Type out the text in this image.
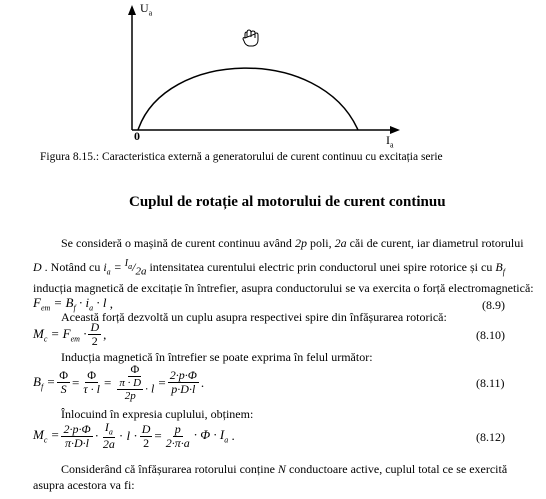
$U_a$
$I_a$
0
Figura 8.15.: Caracteristica externă a generatorului de curent continuu cu excitația serie
Cuplul de rotație al motorului de curent continuu
Se consideră o mașină de curent continuu având 2p poli, 2a căi de curent, iar diametrul rotorului
D . Notând cu $i_a = ^{I_a}/_{2a}$ intensitatea curentului electric prin conductorul unei spire rotorice și cu $B_f$
inducția magnetică de excitație în întrefier, asupra conductorului se va exercita o forță electromagnetică:
$F_{em} = B_f \cdot i_a \cdot l$ ,	(8.9)
Această forță dezvoltă un cuplu asupra respectivei spire din înfășurarea rotorică:
$M_c = F_{em} \cdot \frac{D}{2}$ ,	(8.10)
Inducția magnetică în întrefier se poate exprima în felul următor:
$B_f = \frac{\Phi}{S} = \frac{\Phi}{\tau \cdot l} = \frac{\Phi}{\frac{\pi \cdot D}{2p} \cdot l} = \frac{2\cdot p\cdot\Phi}{p\cdot D\cdot l}$ .	(8.11)
Înlocuind în expresia cuplului, obținem:
$M_c = \frac{2\cdot p\cdot\Phi}{\pi\cdot D\cdot l} \cdot \frac{I_a}{2a} \cdot l \cdot \frac{D}{2} = \frac{p}{2\cdot\pi\cdot a} \cdot \Phi \cdot I_a$ .	(8.12)
Considerând că înfășurarea rotorului conține N conductoare active, cuplul total ce se exercită
asupra acestora va fi:
